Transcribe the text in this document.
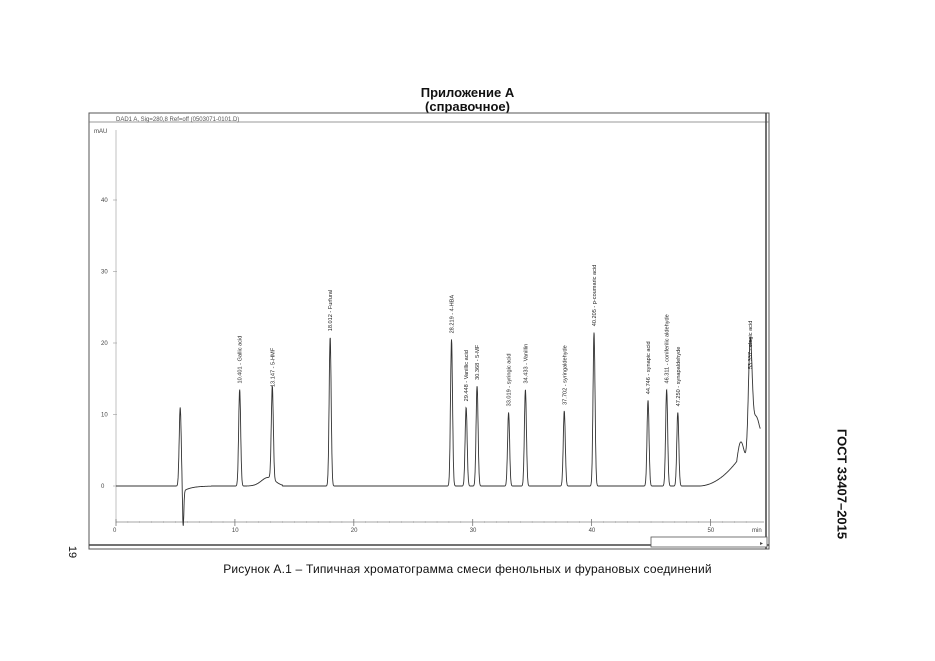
Приложение А
(справочное)
▸
DAD1 A, Sig=280,8 Ref=off (0503071-0101.D)
mAU
min
0
10
20
30
40
0	10	20	30	40	50
10.401 - Gallic acid	13.147 - 5-HMF
18.012 - Furfural	28.219 - 4-HBA
29.448 - Vanillic acid 30.368 - 5-MF	33.019 - syringic acid 34.433 - Vanillin	37.702 - syringaldehyde
40.205 - p-coumaric acid
44.746 - synapic acid 46.311 - coniferilic aldehyde 47.250 - synapaldehyde
53.337 - elagic acid
ГОСТ 33407–2015
19
Рисунок А.1 – Типичная хроматограмма смеси фенольных и фурановых соединений
